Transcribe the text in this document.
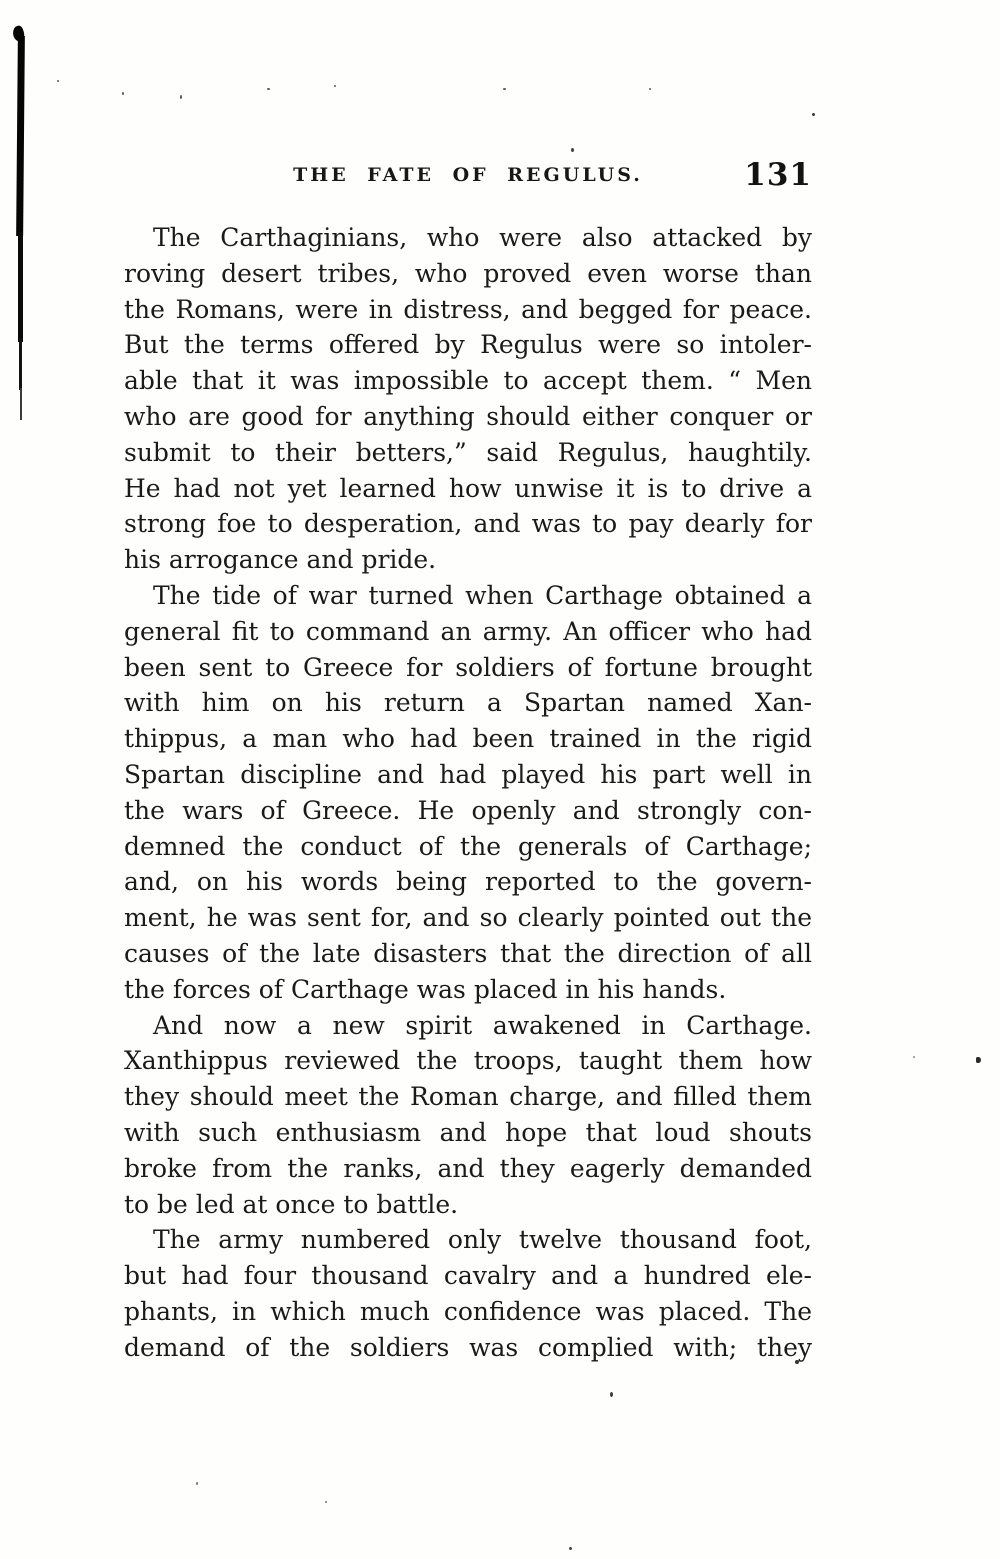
THE FATE OF REGULUS.	131
The Carthaginians, who were also attacked by
roving desert tribes, who proved even worse than
the Romans, were in distress, and begged for peace.
But the terms offered by Regulus were so intoler-
able that it was impossible to accept them. “ Men
who are good for anything should either conquer or
submit to their betters,” said Regulus, haughtily.
He had not yet learned how unwise it is to drive a
strong foe to desperation, and was to pay dearly for
his arrogance and pride.
The tide of war turned when Carthage obtained a
general fit to command an army. An officer who had
been sent to Greece for soldiers of fortune brought
with him on his return a Spartan named Xan-
thippus, a man who had been trained in the rigid
Spartan discipline and had played his part well in
the wars of Greece. He openly and strongly con-
demned the conduct of the generals of Carthage;
and, on his words being reported to the govern-
ment, he was sent for, and so clearly pointed out the
causes of the late disasters that the direction of all
the forces of Carthage was placed in his hands.
And now a new spirit awakened in Carthage.
Xanthippus reviewed the troops, taught them how
they should meet the Roman charge, and filled them
with such enthusiasm and hope that loud shouts
broke from the ranks, and they eagerly demanded
to be led at once to battle.
The army numbered only twelve thousand foot,
but had four thousand cavalry and a hundred ele-
phants, in which much confidence was placed. The
demand of the soldiers was complied with; they
